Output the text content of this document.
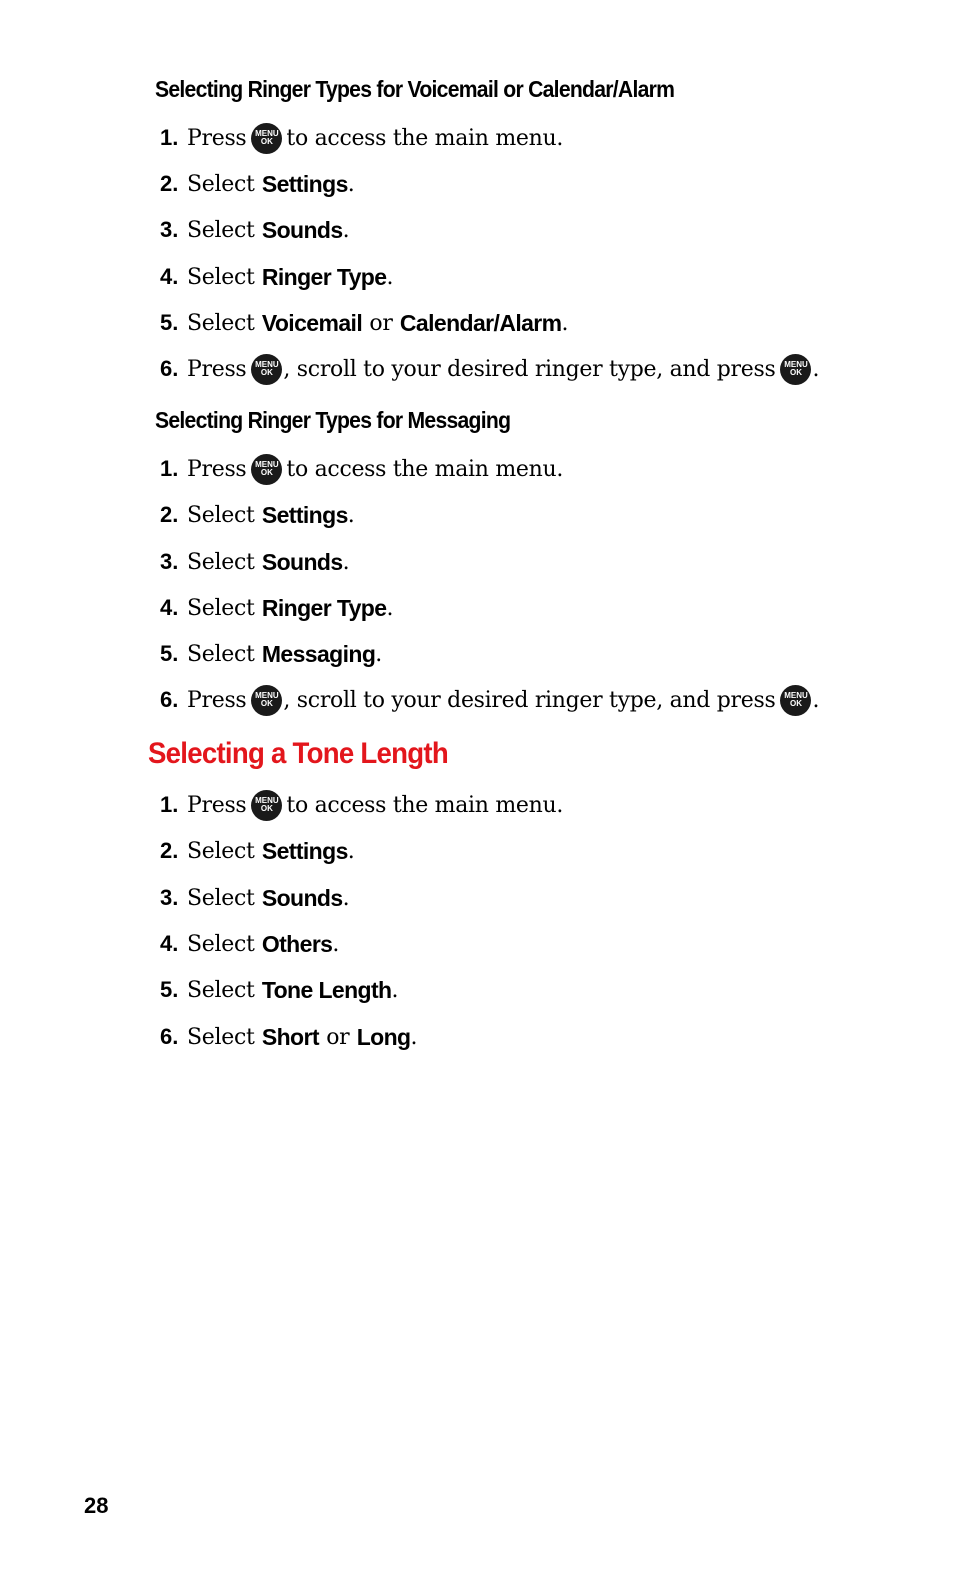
Selecting Ringer Types for Voicemail or Calendar/Alarm
1. Press MENU
OK to access the main menu.
2. Select
Settings .
3. Select
Sounds .
4. Select
Ringer Type .
5. Select
Voicemail
or
Calendar/Alarm .
6. Press MENU
OK , scroll to your desired ringer type, and press MENU
OK .
Selecting Ringer Types for Messaging
1. Press MENU
OK to access the main menu.
2. Select
Settings .
3. Select
Sounds .
4. Select
Ringer Type .
5. Select
Messaging .
6. Press MENU
OK , scroll to your desired ringer type, and press MENU
OK .
Selecting a Tone Length
1. Press MENU
OK to access the main menu.
2. Select
Settings .
3. Select
Sounds .
4. Select
Others .
5. Select
Tone Length .
6. Select
Short
or
Long .
28
